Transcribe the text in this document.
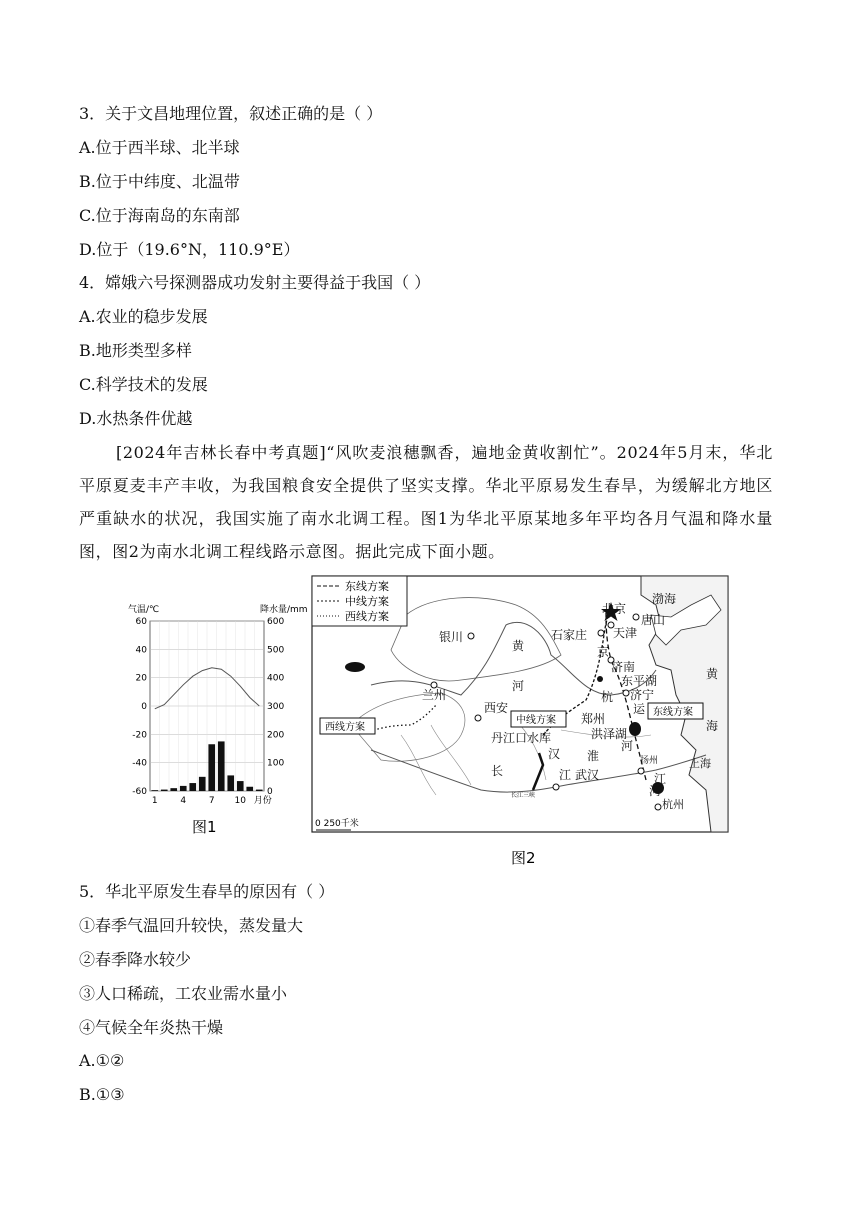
3．关于文昌地理位置，叙述正确的是（ ）
A.位于西半球、北半球
B.位于中纬度、北温带
C.位于海南岛的东南部
D.位于（19.6°N，110.9°E）
4．嫦娥六号探测器成功发射主要得益于我国（ ）
A.农业的稳步发展
B.地形类型多样
C.科学技术的发展
D.水热条件优越
[2024年吉林长春中考真题]“风吹麦浪穗飘香，遍地金黄收割忙”。2024年5月末，华北平原夏麦丰产丰收，为我国粮食安全提供了坚实支撑。华北平原易发生春旱，为缓解北方地区严重缺水的状况，我国实施了南水北调工程。图1为华北平原某地多年平均各月气温和降水量图，图2为南水北调工程线路示意图。据此完成下面小题。
气温/℃	降水量/mm
60	600
40	500
20	400
0	300
-20	200
-40	100
-60	0
1	4	7 10 月份
图1
东线方案
中线方案
西线方案
北京
渤海
唐山
天津
石家庄
京
济南
东平湖
济宁
杭
运
银川
黄
河
兰州
西安
郑州
洪泽湖
河
扬州
黄
海
丹江口水库
汉 淮
长	江 武汉	江
上海
杭州
河
长江三峡
中线方案
西线方案
东线方案
0 250千米
图2
5．华北平原发生春旱的原因有（ ）
①春季气温回升较快，蒸发量大
②春季降水较少
③人口稀疏，工农业需水量小
④气候全年炎热干燥
A.①②
B.①③
